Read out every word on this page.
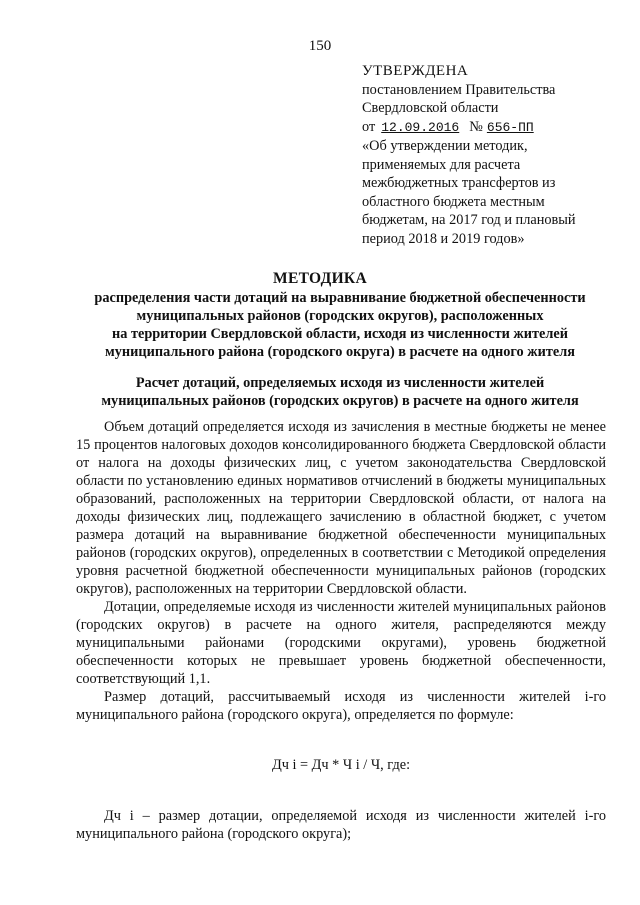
150
УТВЕРЖДЕНА
постановлением Правительства
Свердловской области
от 12.09.2016 № 656-ПП
«Об утверждении методик,
применяемых для расчета
межбюджетных трансфертов из
областного бюджета местным
бюджетам, на 2017 год и плановый
период 2018 и 2019 годов»
МЕТОДИКА
распределения части дотаций на выравнивание бюджетной обеспеченности
муниципальных районов (городских округов), расположенных
на территории Свердловской области, исходя из численности жителей
муниципального района (городского округа) в расчете на одного жителя
Расчет дотаций, определяемых исходя из численности жителей
муниципальных районов (городских округов) в расчете на одного жителя

Объем дотаций определяется исходя из зачисления в местные бюджеты не менее 15 процентов налоговых доходов консолидированного бюджета Свердловской области от налога на доходы физических лиц, с учетом законодательства Свердловской области по установлению единых нормативов отчислений в бюджеты муниципальных образований, расположенных на территории Свердловской области, от налога на доходы физических лиц, подлежащего зачислению в областной бюджет, с учетом размера дотаций на выравнивание бюджетной обеспеченности муниципальных районов (городских округов), определенных в соответствии с Методикой определения уровня расчетной бюджетной обеспеченности муниципальных районов (городских округов), расположенных на территории Свердловской области.

Дотации, определяемые исходя из численности жителей муниципальных районов (городских округов) в расчете на одного жителя, распределяются между муниципальными районами (городскими округами), уровень бюджетной обеспеченности которых не превышает уровень бюджетной обеспеченности, соответствующий 1,1.

Размер дотаций, рассчитываемый исходя из численности жителей i-го муниципального района (городского округа), определяется по формуле:

Дч i = Дч * Ч i / Ч, где:

Дч i – размер дотации, определяемой исходя из численности жителей i-го муниципального района (городского округа);
